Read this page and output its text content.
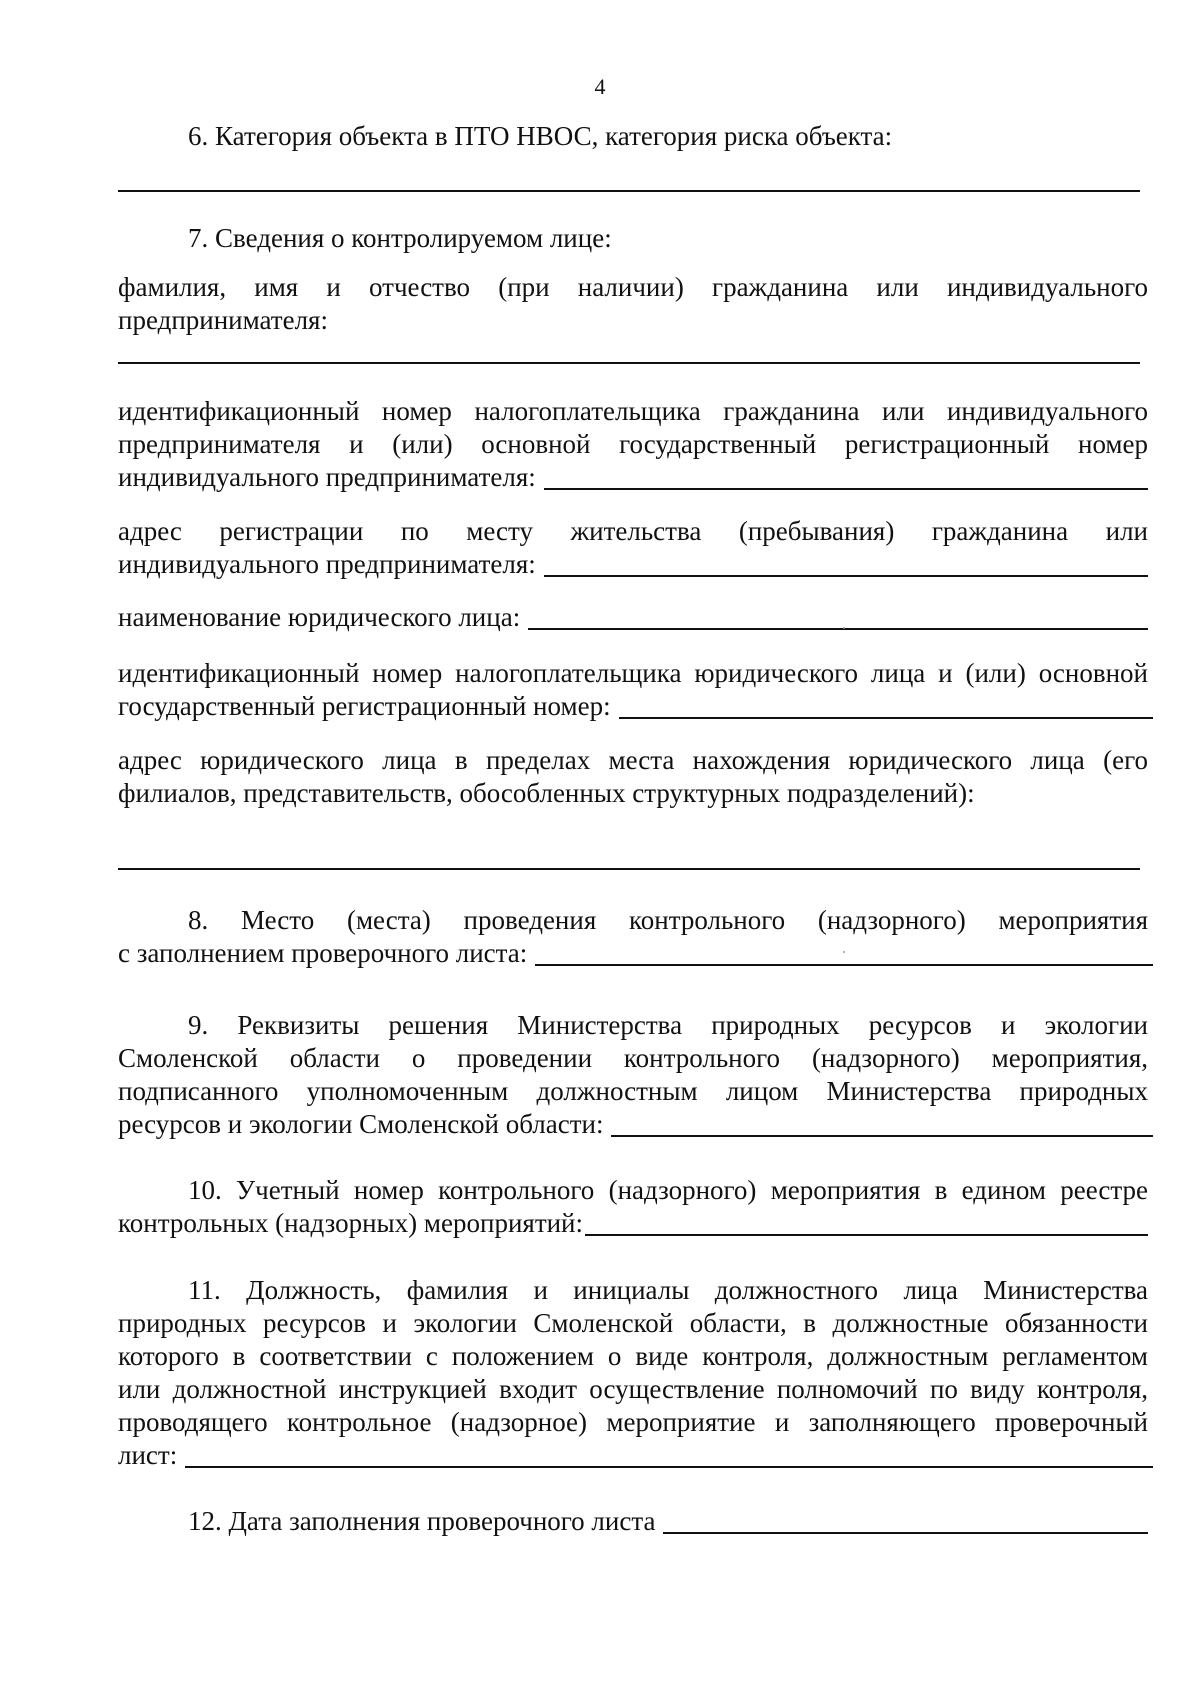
4

6. Категория объекта в ПТО НВОС, категория риска объекта:

7. Сведения о контролируемом лице:

фамилия, имя и отчество (при наличии) гражданина или индивидуального

предпринимателя:

идентификационный номер налогоплательщика гражданина или индивидуального

предпринимателя и (или) основной государственный регистрационный номер

индивидуального предпринимателя:

адрес регистрации по месту жительства (пребывания) гражданина или

индивидуального предпринимателя:
наименование юридического лица:

идентификационный номер налогоплательщика юридического лица и (или) основной

государственный регистрационный номер:

адрес юридического лица в пределах места нахождения юридического лица (его

филиалов, представительств, обособленных структурных подразделений):

8. Место (места) проведения контрольного (надзорного) мероприятия

с заполнением проверочного листа:

9. Реквизиты решения Министерства природных ресурсов и экологии

Смоленской области о проведении контрольного (надзорного) мероприятия,

подписанного уполномоченным должностным лицом Министерства природных

ресурсов и экологии Смоленской области:

10. Учетный номер контрольного (надзорного) мероприятия в едином реестре

контрольных (надзорных) мероприятий:

11. Должность, фамилия и инициалы должностного лица Министерства

природных ресурсов и экологии Смоленской области, в должностные обязанности

которого в соответствии с положением о виде контроля, должностным регламентом

или должностной инструкцией входит осуществление полномочий по виду контроля,

проводящего контрольное (надзорное) мероприятие и заполняющего проверочный

лист:
12. Дата заполнения проверочного листа
